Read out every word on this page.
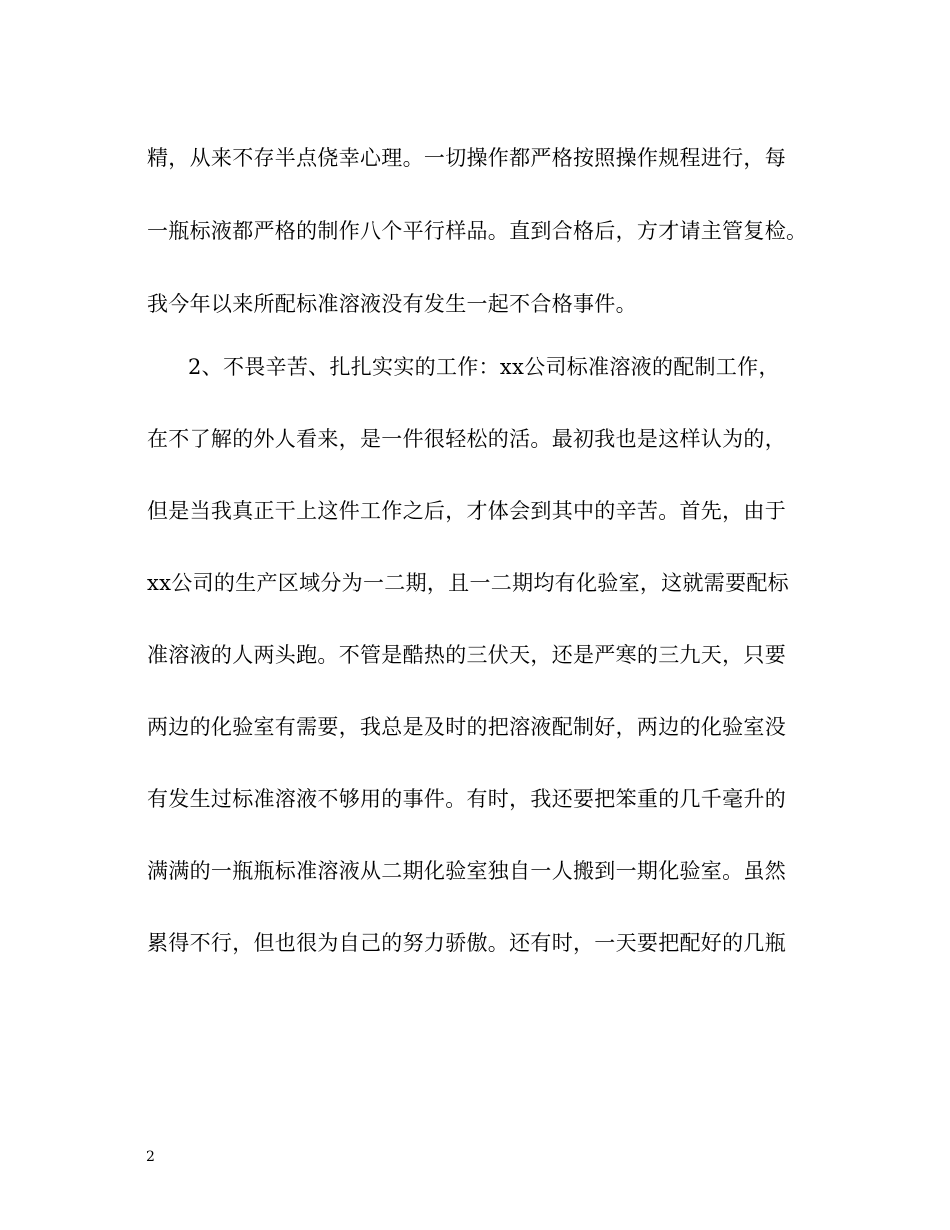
精，从来不存半点侥幸心理。一切操作都严格按照操作规程进行，每
一瓶标液都严格的制作八个平行样品。直到合格后，方才请主管复检。
我今年以来所配标准溶液没有发生一起不合格事件。
2、不畏辛苦、扎扎实实的工作：xx公司标准溶液的配制工作，
在不了解的外人看来，是一件很轻松的活。最初我也是这样认为的，
但是当我真正干上这件工作之后，才体会到其中的辛苦。首先，由于
xx公司的生产区域分为一二期，且一二期均有化验室，这就需要配标
准溶液的人两头跑。不管是酷热的三伏天，还是严寒的三九天，只要
两边的化验室有需要，我总是及时的把溶液配制好，两边的化验室没
有发生过标准溶液不够用的事件。有时，我还要把笨重的几千毫升的
满满的一瓶瓶标准溶液从二期化验室独自一人搬到一期化验室。虽然
累得不行，但也很为自己的努力骄傲。还有时，一天要把配好的几瓶
2
